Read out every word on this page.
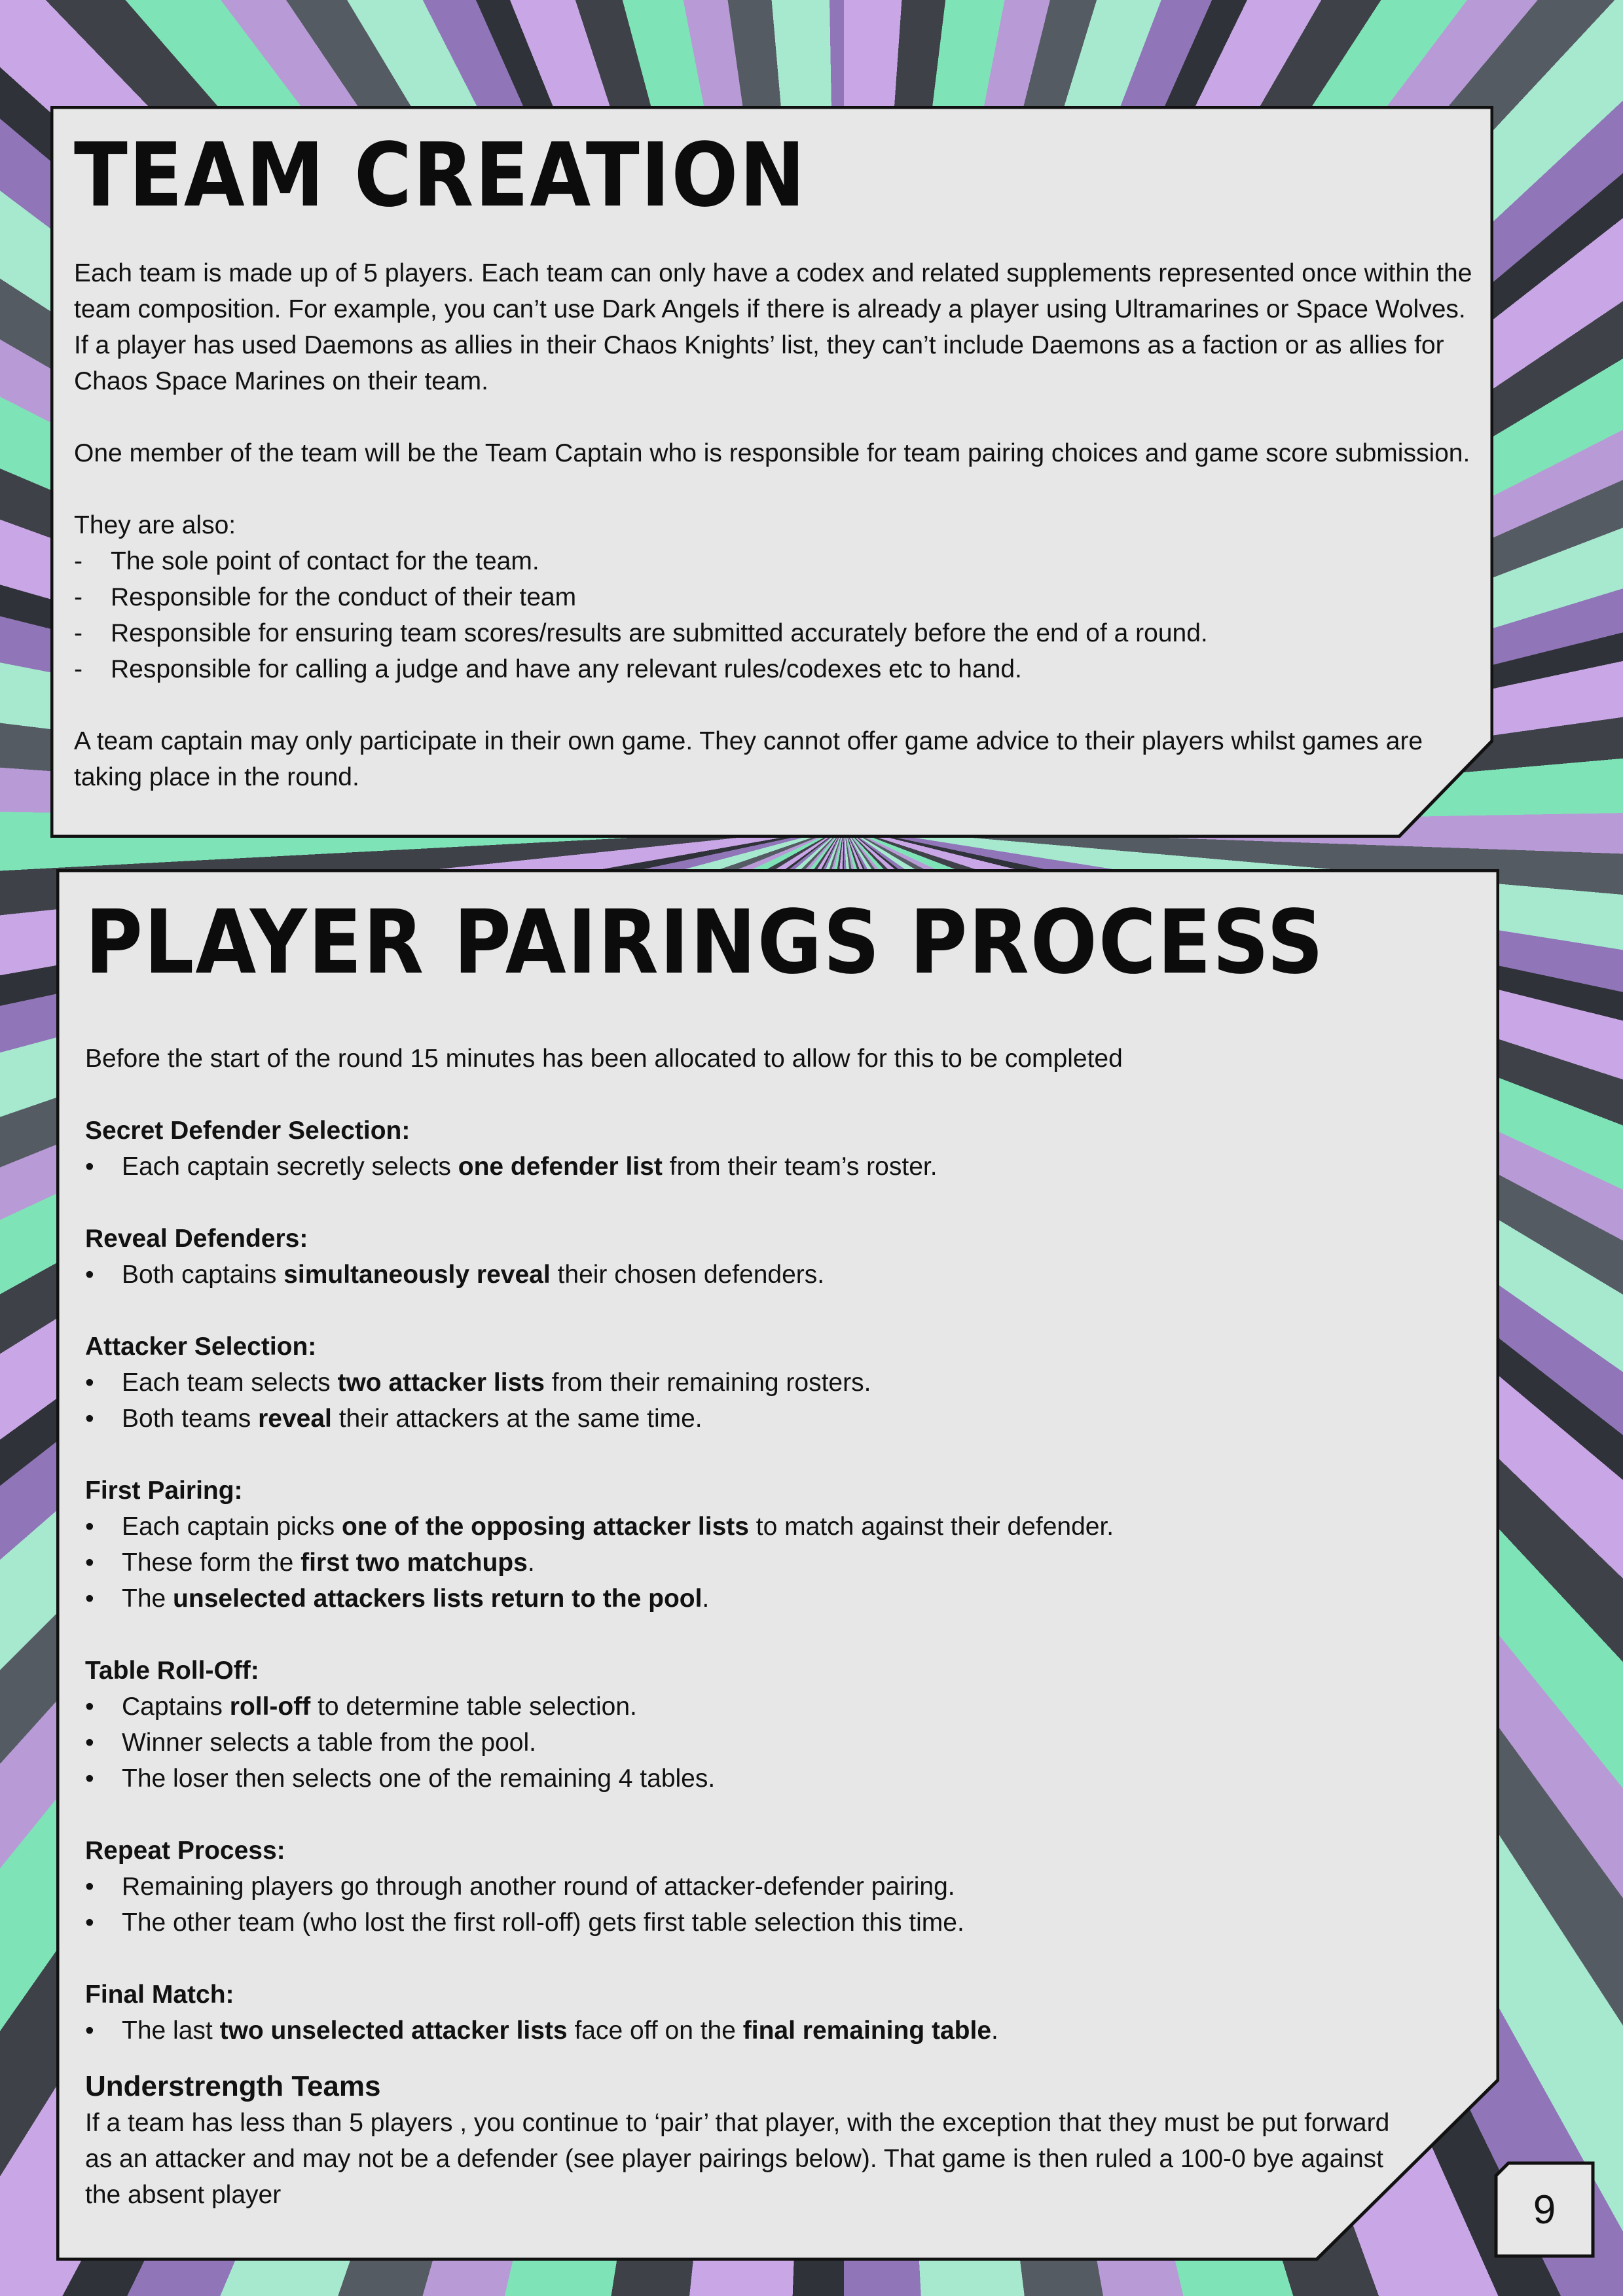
TEAM CREATION

Each team is made up of 5 players. Each team can only have a codex and related supplements represented once within the team composition. For example, you can’t use Dark Angels if there is already a player using Ultramarines or Space Wolves. If a player has used Daemons as allies in their Chaos Knights’ list, they can’t include Daemons as a faction or as allies for Chaos Space Marines on their team.

One member of the team will be the Team Captain who is responsible for team pairing choices and game score submission.

They are also:

-	The sole point of contact for the team.
-	Responsible for the conduct of their team
-	Responsible for ensuring team scores/results are submitted accurately before the end of a round.
-	Responsible for calling a judge and have any relevant rules/codexes etc to hand.

A team captain may only participate in their own game. They cannot offer game advice to their players whilst games are taking place in the round.

PLAYER PAIRINGS PROCESS

Before the start of the round 15 minutes has been allocated to allow for this to be completed

Secret Defender Selection:

•	Each captain secretly selects one defender list from their team’s roster.

Reveal Defenders:

•	Both captains simultaneously reveal their chosen defenders.

Attacker Selection:

•	Each team selects two attacker lists from their remaining rosters.
•	Both teams reveal their attackers at the same time.

First Pairing:

•	Each captain picks one of the opposing attacker lists to match against their defender.
•	These form the first two matchups.
•	The unselected attackers lists return to the pool.

Table Roll-Off:

•	Captains roll-off to determine table selection.
•	Winner selects a table from the pool.
•	The loser then selects one of the remaining 4 tables.

Repeat Process:

•	Remaining players go through another round of attacker-defender pairing.
•	The other team (who lost the first roll-off) gets first table selection this time.

Final Match:

•	The last two unselected attacker lists face off on the final remaining table.

Understrength Teams

If a team has less than 5 players , you continue to ‘pair’ that player, with the exception that they must be put forward as an attacker and may not be a defender (see player pairings below). That game is then ruled a 100-0 bye against the absent player	9
